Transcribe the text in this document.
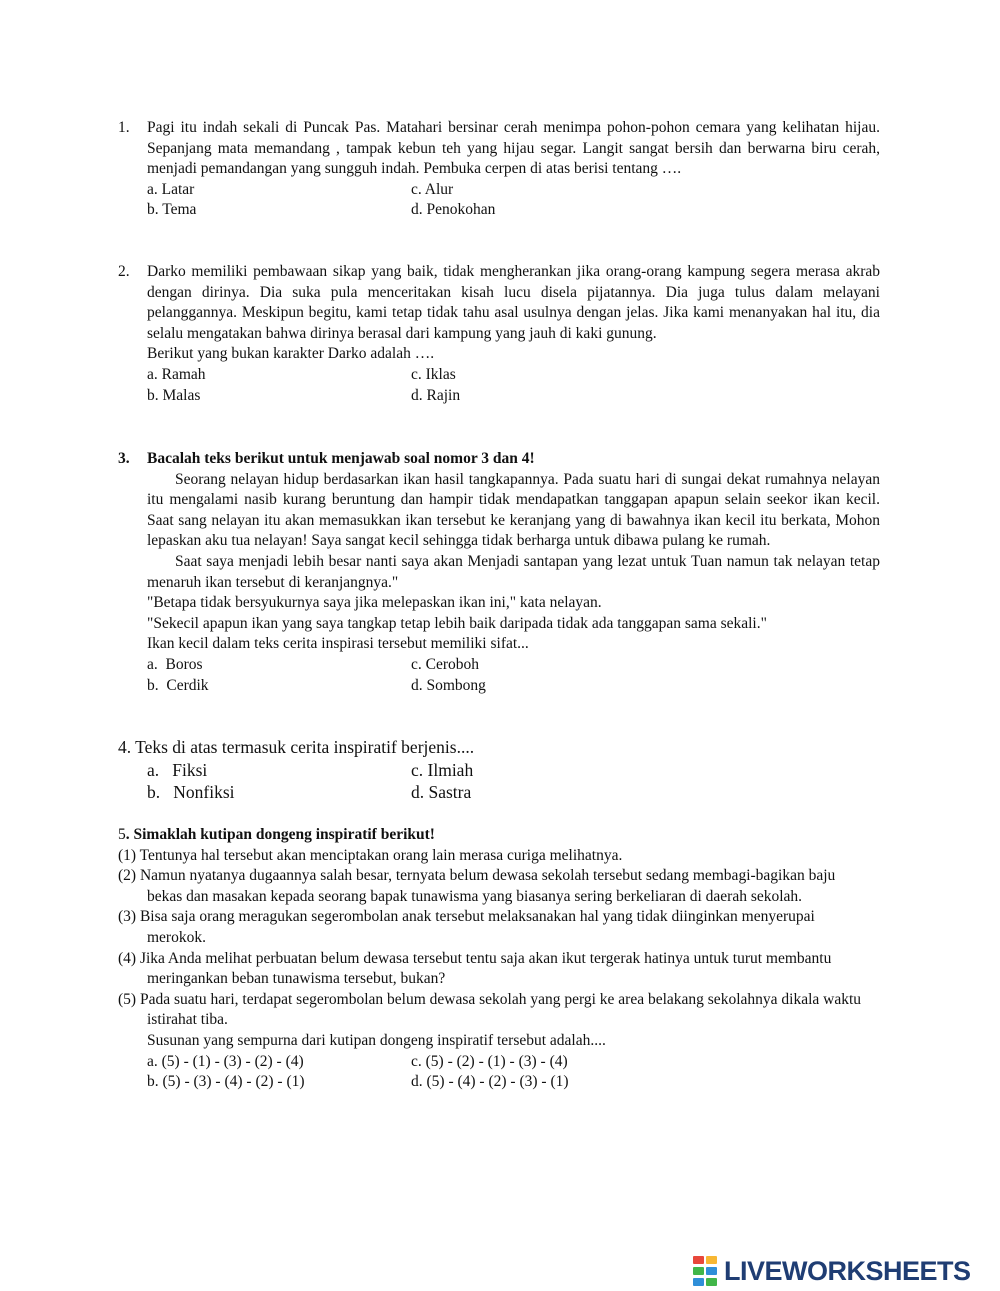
1.	Pagi itu indah sekali di Puncak Pas. Matahari bersinar cerah menimpa pohon-pohon cemara yang kelihatan hijau. Sepanjang mata memandang , tampak kebun teh yang hijau segar. Langit sangat bersih dan berwarna biru cerah, menjadi pemandangan yang sungguh indah. Pembuka cerpen di atas berisi tentang ….
a. Latar	c. Alur
b. Tema	d. Penokohan
2.	Darko memiliki pembawaan sikap yang baik, tidak mengherankan jika orang-orang kampung segera merasa akrab dengan dirinya. Dia suka pula menceritakan kisah lucu disela pijatannya. Dia juga tulus dalam melayani pelanggannya. Meskipun begitu, kami tetap tidak tahu asal usulnya dengan jelas. Jika kami menanyakan hal itu, dia selalu mengatakan bahwa dirinya berasal dari kampung yang jauh di kaki gunung.
Berikut yang bukan karakter Darko adalah ….
a. Ramah	c. Iklas
b. Malas	d. Rajin
3.	Bacalah teks berikut untuk menjawab soal nomor 3 dan 4!
Seorang nelayan hidup berdasarkan ikan hasil tangkapannya. Pada suatu hari di sungai dekat rumahnya nelayan itu mengalami nasib kurang beruntung dan hampir tidak mendapatkan tanggapan apapun selain seekor ikan kecil. Saat sang nelayan itu akan memasukkan ikan tersebut ke keranjang yang di bawahnya ikan kecil itu berkata, Mohon lepaskan aku tua nelayan! Saya sangat kecil sehingga tidak berharga untuk dibawa pulang ke rumah.
Saat saya menjadi lebih besar nanti saya akan Menjadi santapan yang lezat untuk Tuan namun tak nelayan tetap menaruh ikan tersebut di keranjangnya."
"Betapa tidak bersyukurnya saya jika melepaskan ikan ini," kata nelayan.
"Sekecil apapun ikan yang saya tangkap tetap lebih baik daripada tidak ada tanggapan sama sekali."
Ikan kecil dalam teks cerita inspirasi tersebut memiliki sifat...
a.  Boros	c. Ceroboh
b.  Cerdik	d. Sombong
4. Teks di atas termasuk cerita inspiratif berjenis....
a.   Fiksi	c. Ilmiah
b.   Nonfiksi	d. Sastra
5. Simaklah kutipan dongeng inspiratif berikut!
(1) Tentunya hal tersebut akan menciptakan orang lain merasa curiga melihatnya.
(2) Namun nyatanya dugaannya salah besar, ternyata belum dewasa sekolah tersebut sedang membagi-bagikan baju bekas dan masakan kepada seorang bapak tunawisma yang biasanya sering berkeliaran di daerah sekolah.
(3) Bisa saja orang meragukan segerombolan anak tersebut melaksanakan hal yang tidak diinginkan menyerupai merokok.
(4) Jika Anda melihat perbuatan belum dewasa tersebut tentu saja akan ikut tergerak hatinya untuk turut membantu meringankan beban tunawisma tersebut, bukan?
(5) Pada suatu hari, terdapat segerombolan belum dewasa sekolah yang pergi ke area belakang sekolahnya dikala waktu istirahat tiba.
Susunan yang sempurna dari kutipan dongeng inspiratif tersebut adalah....
a. (5) - (1) - (3) - (2) - (4)	c. (5) - (2) - (1) - (3) - (4)
b. (5) - (3) - (4) - (2) - (1)	d. (5) - (4) - (2) - (3) - (1)
LIVEWORKSHEETS
